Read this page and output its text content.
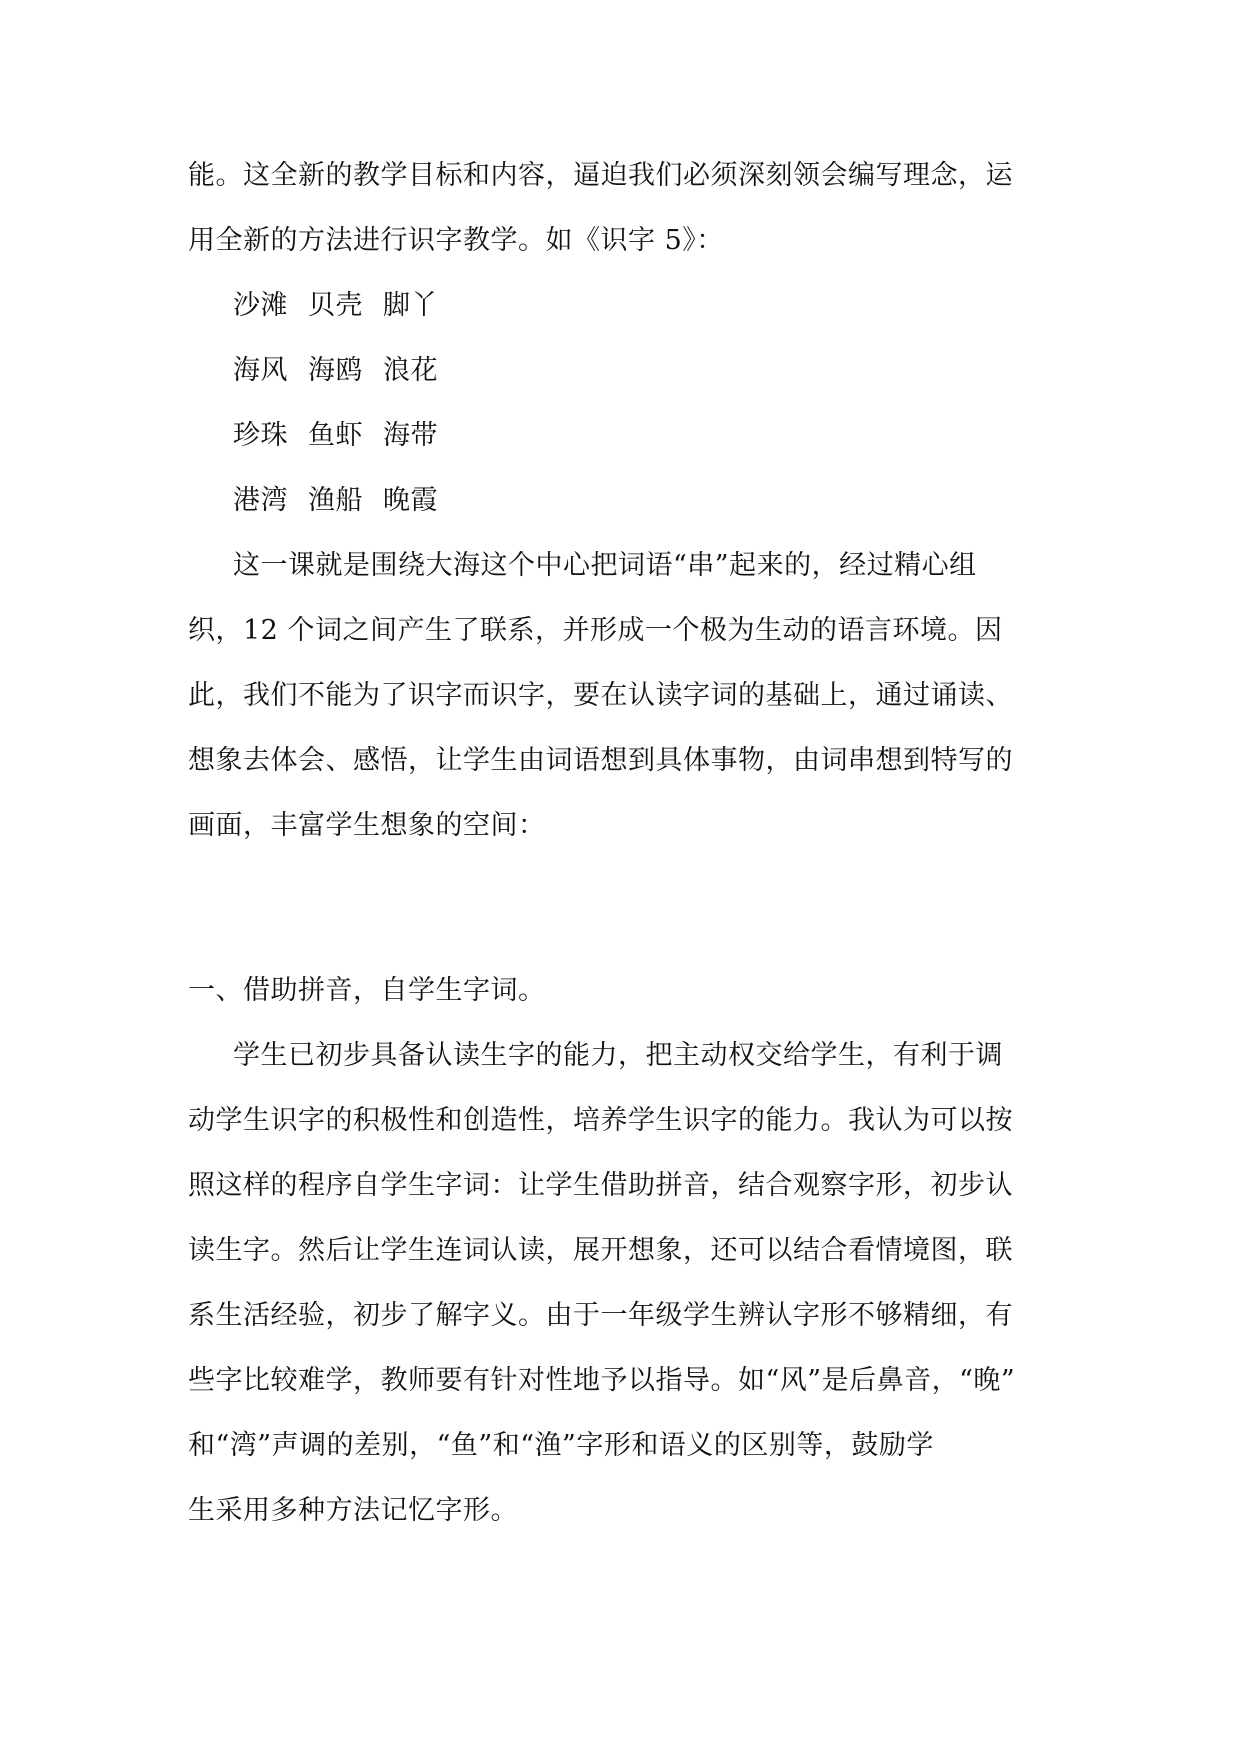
能。这全新的教学目标和内容，逼迫我们必须深刻领会编写理念，运
用全新的方法进行识字教学。如《识字 5》：
沙滩 贝壳 脚丫
海风 海鸥 浪花
珍珠 鱼虾 海带
港湾 渔船 晚霞
这一课就是围绕大海这个中心把词语“串”起来的，经过精心组
织，12 个词之间产生了联系，并形成一个极为生动的语言环境。因
此，我们不能为了识字而识字，要在认读字词的基础上，通过诵读、
想象去体会、感悟，让学生由词语想到具体事物，由词串想到特写的
画面，丰富学生想象的空间：
一、借助拼音，自学生字词。
学生已初步具备认读生字的能力，把主动权交给学生，有利于调
动学生识字的积极性和创造性，培养学生识字的能力。我认为可以按
照这样的程序自学生字词：让学生借助拼音，结合观察字形，初步认
读生字。然后让学生连词认读，展开想象，还可以结合看情境图，联
系生活经验，初步了解字义。由于一年级学生辨认字形不够精细，有
些字比较难学，教师要有针对性地予以指导。如“风”是后鼻音，“晚”
和“湾”声调的差别，“鱼”和“渔”字形和语义的区别等，鼓励学
生采用多种方法记忆字形。
